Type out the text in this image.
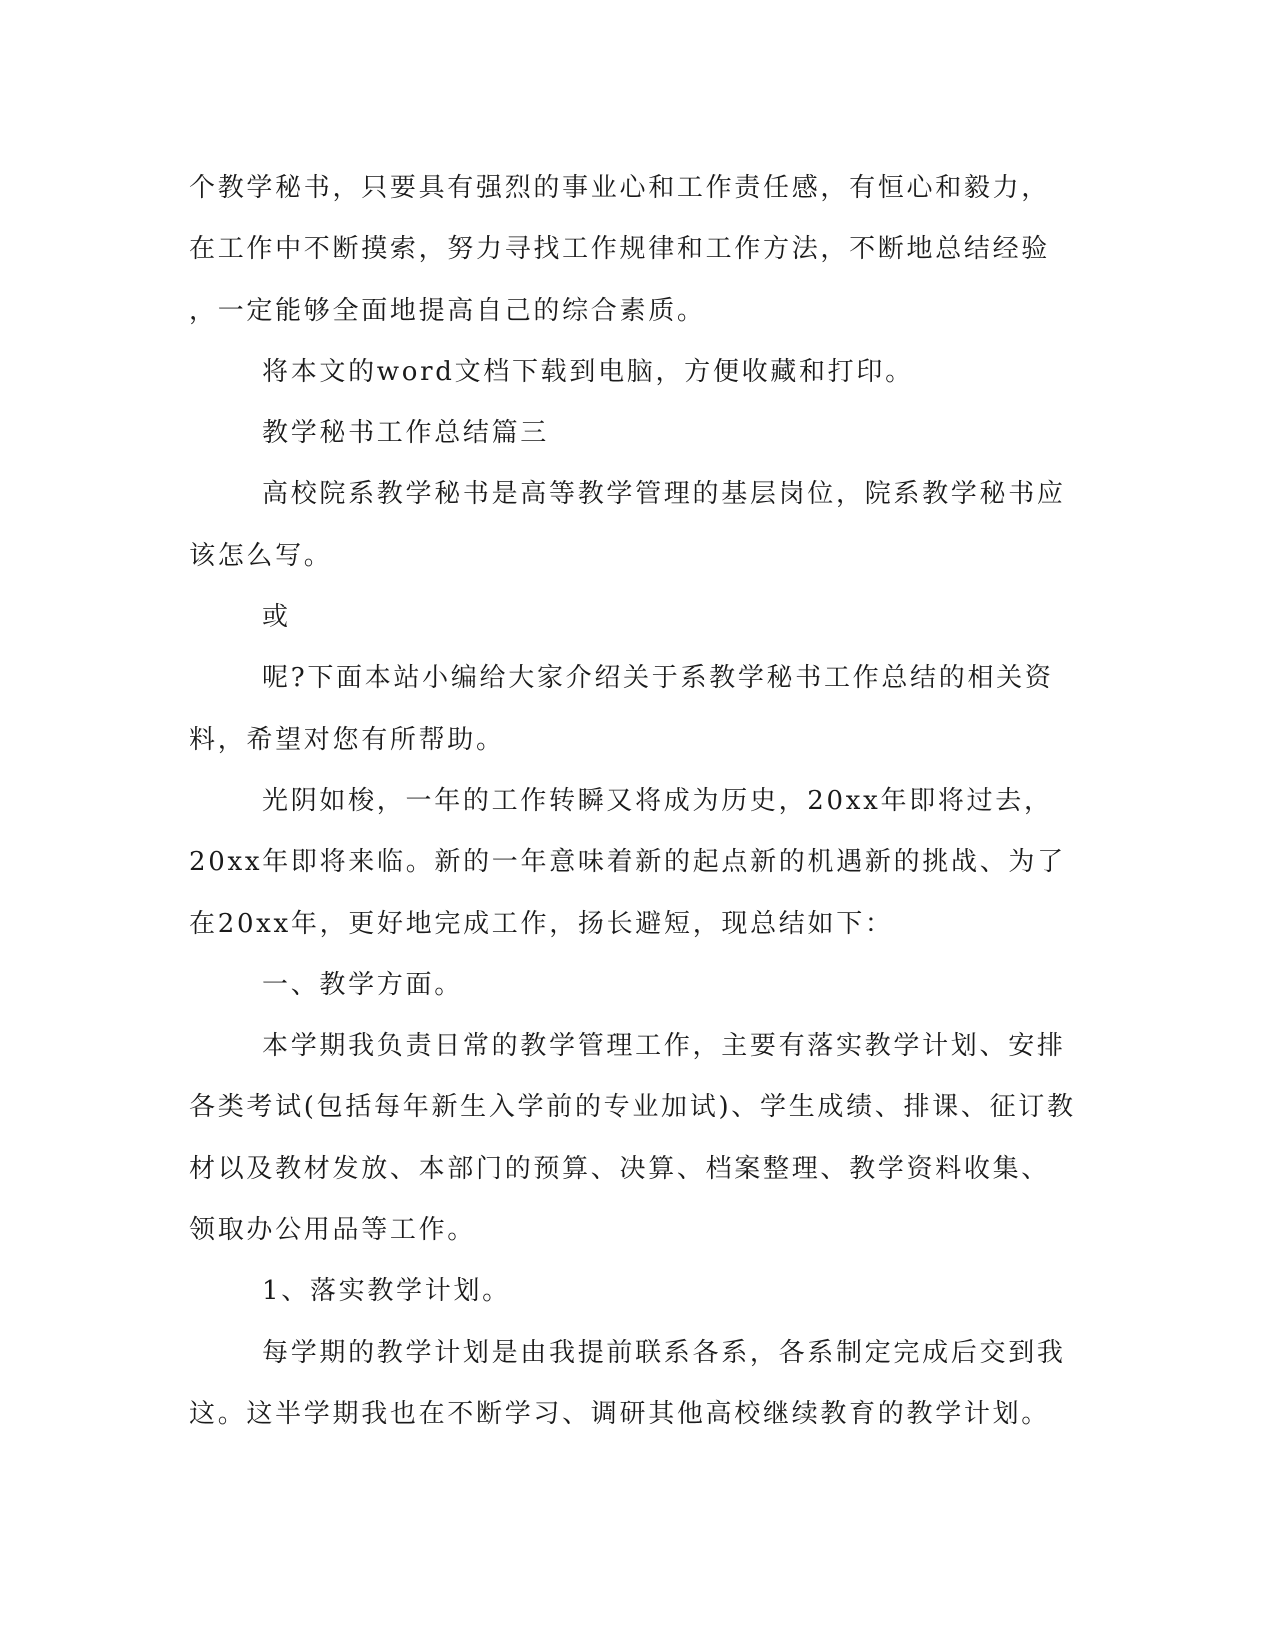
个教学秘书，只要具有强烈的事业心和工作责任感，有恒心和毅力，
在工作中不断摸索，努力寻找工作规律和工作方法，不断地总结经验
，一定能够全面地提高自己的综合素质。
将本文的word文档下载到电脑，方便收藏和打印。
教学秘书工作总结篇三
高校院系教学秘书是高等教学管理的基层岗位，院系教学秘书应
该怎么写。
或
呢?下面本站小编给大家介绍关于系教学秘书工作总结的相关资
料，希望对您有所帮助。
光阴如梭，一年的工作转瞬又将成为历史，20xx年即将过去，
20xx年即将来临。新的一年意味着新的起点新的机遇新的挑战、为了
在20xx年，更好地完成工作，扬长避短，现总结如下：
一、教学方面。
本学期我负责日常的教学管理工作，主要有落实教学计划、安排
各类考试(包括每年新生入学前的专业加试)、学生成绩、排课、征订教
材以及教材发放、本部门的预算、决算、档案整理、教学资料收集、
领取办公用品等工作。
1、落实教学计划。
每学期的教学计划是由我提前联系各系，各系制定完成后交到我
这。这半学期我也在不断学习、调研其他高校继续教育的教学计划。
